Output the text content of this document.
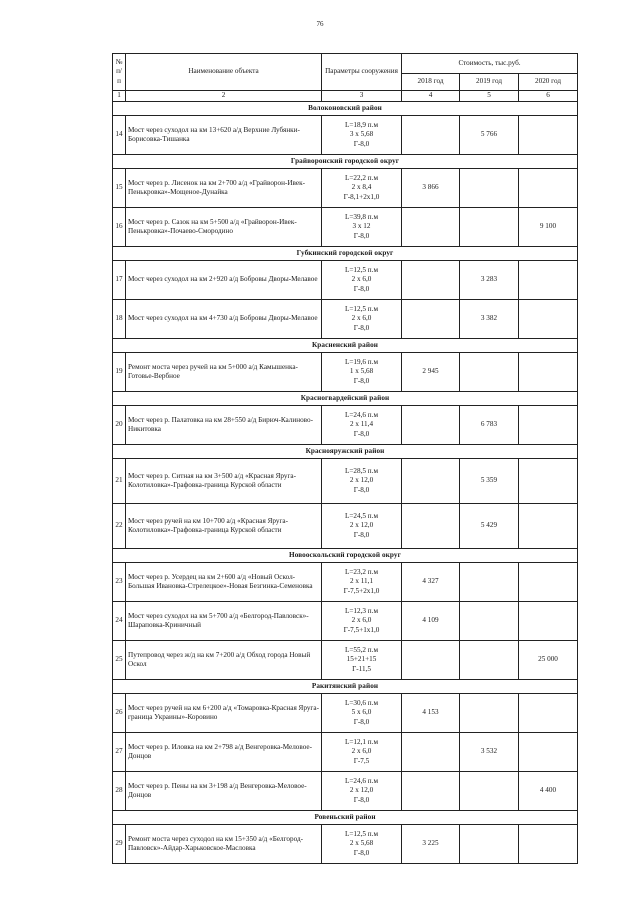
76
№ п/п	Наименование объекта	Параметры сооружения	Стоимость, тыс.руб.		
			2018 год	2019 год	2020 год
1	2	3	4	5	6
Волоконовский район					
14	Мост через суходол на км 13+620 а/д Верхние Лубянки-Борисовка-Тишанка	L=18,9 п.м
3 х 5,68
Г-8,0		5 766	
Грайворонский городской округ					
15	Мост через р. Лисенок на км 2+700 а/д «Грайворон-Ивек-Пенькровка»-Мощеное-Дунайка	L=22,2 п.м
2 х 8,4
Г-8,1+2х1,0	3 866		
16	Мост через р. Сазок на км 5+500 а/д «Грайворон-Ивек-Пенькровка»-Почаево-Смородино	L=39,8 п.м
3 х 12
Г-8,0			9 100
Губкинский городской округ					
17	Мост через суходол на км 2+920 а/д Бобровы Дворы-Мелавое	L=12,5 п.м
2 х 6,0
Г-8,0		3 283	
18	Мост через суходол на км 4+730 а/д Бобровы Дворы-Мелавое	L=12,5 п.м
2 х 6,0
Г-8,0		3 382	
Красненский район					
19	Ремонт моста через ручей на км 5+000 а/д Камышенка-Готовье-Вербное	L=19,6 п.м
1 х 5,68
Г-8,0	2 945		
Красногвардейский район					
20	Мост через р. Палатовка на км 28+550 а/д Бирюч-Калиново-Никитовка	L=24,6 п.м
2 х 11,4
Г-8,0		6 783	
Краснояружский район					
21	Мост через р. Ситная на км 3+500 а/д «Красная Яруга-Колотиловка»-Графовка-граница Курской области	L=28,5 п.м
2 х 12,0
Г-8,0		5 359	
22	Мост через ручей на км 10+700 а/д «Красная Яруга-Колотиловка»-Графовка-граница Курской области	L=24,5 п.м
2 х 12,0
Г-8,0		5 429	
Новооскольский городской округ					
23	Мост через р. Усердец на км 2+600 а/д «Новый Оскол-Большая Ивановка-Стрелецкое»-Новая Безгинка-Семеновка	L=23,2 п.м
2 х 11,1
Г-7,5+2х1,0	4 327		
24	Мост через суходол на км 5+700 а/д «Белгород-Павловск»-Шараповка-Криничный	L=12,3 п.м
2 х 6,0
Г-7,5+1х1,0	4 109		
25	Путепровод через ж/д на км 7+200 а/д Обход города Новый Оскол	L=55,2 п.м
15+21+15
Г-11,5			25 000
Ракитянский район					
26	Мост через ручей на км 6+200 а/д «Томаровка-Красная Яруга-граница Украины»-Коровино	L=30,6 п.м
5 х 6,0
Г-8,0	4 153		
27	Мост через р. Иловка на км 2+798 а/д Венгеровка-Меловое-Донцов	L=12,1 п.м
2 х 6,0
Г-7,5		3 532	
28	Мост через р. Пены на км 3+198 а/д Венгеровка-Меловое-Донцов	L=24,6 п.м
2 х 12,0
Г-8,0			4 400
Ровеньский район					
29	Ремонт моста через суходол на км 15+350 а/д «Белгород-Павловск»-Айдар-Харьковское-Масловка	L=12,5 п.м
2 х 5,68
Г-8,0	3 225		
